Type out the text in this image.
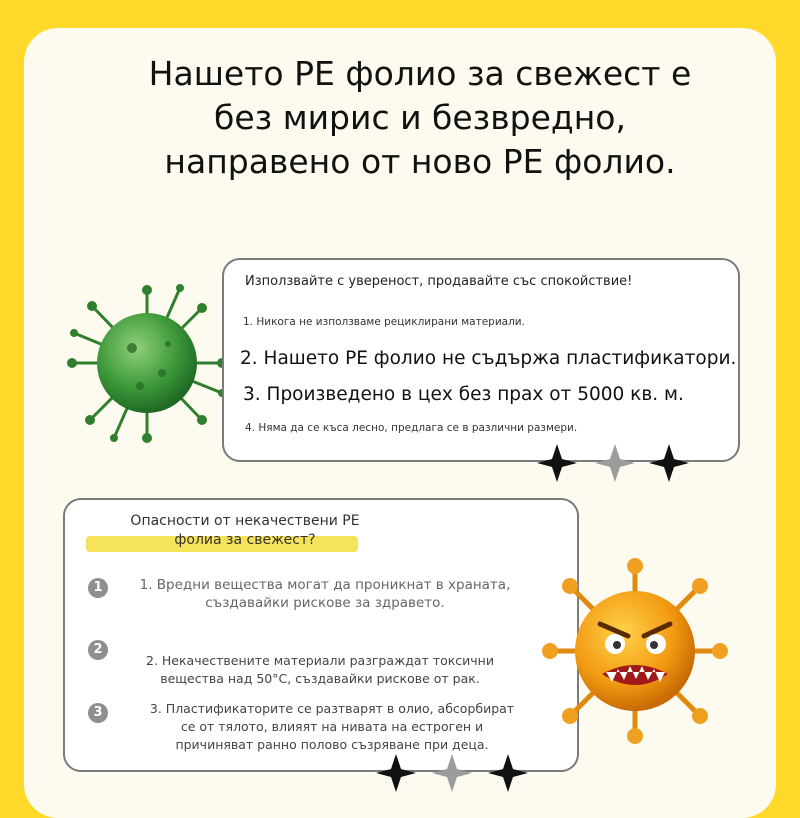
Нашето PE фолио за свежест е
без мирис и безвредно,
направено от ново PE фолио.
Използвайте с увереност, продавайте със спокойствие!
1. Никога не използваме рециклирани материали.
2. Нашето PE фолио не съдържа пластификатори.
3. Произведено в цех без прах от 5000 кв. м.
4. Няма да се къса лесно, предлага се в различни размери.
Опасности от некачествени PE
фолиа за свежест?
1	1. Вредни вещества могат да проникнат в храната,
създавайки рискове за здравето.
2
2. Некачествените материали разграждат токсични
вещества над 50°C, създавайки рискове от рак.
3	3. Пластификаторите се разтварят в олио, абсорбират
се от тялото, влияят на нивата на естроген и
причиняват ранно полово съзряване при деца.
